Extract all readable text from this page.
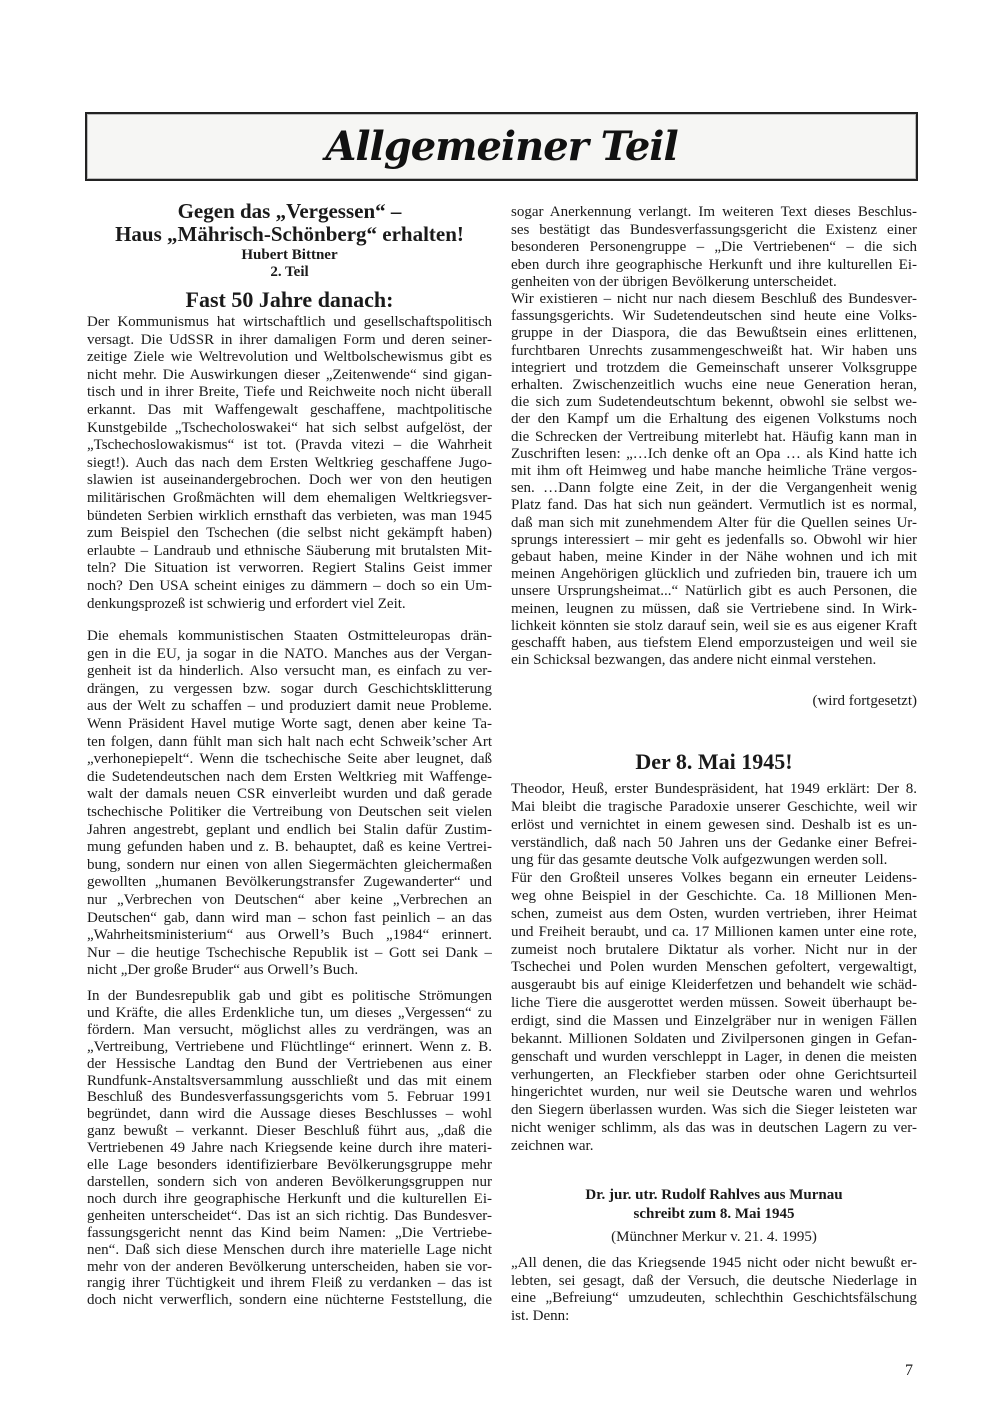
Allgemeiner Teil
Gegen das „Vergessen“ –
Haus „Mährisch-Schönberg“ erhalten!
Hubert Bittner
2. Teil
Fast 50 Jahre danach:
Der Kommunismus hat wirtschaftlich und gesellschaftspolitisch
versagt. Die UdSSR in ihrer damaligen Form und deren seiner-
zeitige Ziele wie Weltrevolution und Weltbolschewismus gibt es
nicht mehr. Die Auswirkungen dieser „Zeitenwende“ sind gigan-
tisch und in ihrer Breite, Tiefe und Reichweite noch nicht überall
erkannt. Das mit Waffengewalt geschaffene, machtpolitische
Kunstgebilde „Tschecholoswakei“ hat sich selbst aufgelöst, der
„Tschechoslowakismus“ ist tot. (Pravda vitezi – die Wahrheit
siegt!). Auch das nach dem Ersten Weltkrieg geschaffene Jugo-
slawien ist auseinandergebrochen. Doch wer von den heutigen
militärischen Großmächten will dem ehemaligen Weltkriegsver-
bündeten Serbien wirklich ernsthaft das verbieten, was man 1945
zum Beispiel den Tschechen (die selbst nicht gekämpft haben)
erlaubte – Landraub und ethnische Säuberung mit brutalsten Mit-
teln? Die Situation ist verworren. Regiert Stalins Geist immer
noch? Den USA scheint einiges zu dämmern – doch so ein Um-
denkungsprozeß ist schwierig und erfordert viel Zeit.
Die ehemals kommunistischen Staaten Ostmitteleuropas drän-
gen in die EU, ja sogar in die NATO. Manches aus der Vergan-
genheit ist da hinderlich. Also versucht man, es einfach zu ver-
drängen, zu vergessen bzw. sogar durch Geschichtsklitterung
aus der Welt zu schaffen – und produziert damit neue Probleme.
Wenn Präsident Havel mutige Worte sagt, denen aber keine Ta-
ten folgen, dann fühlt man sich halt nach echt Schweik’scher Art
„verhonepiepelt“. Wenn die tschechische Seite aber leugnet, daß
die Sudetendeutschen nach dem Ersten Weltkrieg mit Waffenge-
walt der damals neuen CSR einverleibt wurden und daß gerade
tschechische Politiker die Vertreibung von Deutschen seit vielen
Jahren angestrebt, geplant und endlich bei Stalin dafür Zustim-
mung gefunden haben und z. B. behauptet, daß es keine Vertrei-
bung, sondern nur einen von allen Siegermächten gleichermaßen
gewollten „humanen Bevölkerungstransfer Zugewanderter“ und
nur „Verbrechen von Deutschen“ aber keine „Verbrechen an
Deutschen“ gab, dann wird man – schon fast peinlich – an das
„Wahrheitsministerium“ aus Orwell’s Buch „1984“ erinnert.
Nur – die heutige Tschechische Republik ist – Gott sei Dank –
nicht „Der große Bruder“ aus Orwell’s Buch.
In der Bundesrepublik gab und gibt es politische Strömungen
und Kräfte, die alles Erdenkliche tun, um dieses „Vergessen“ zu
fördern. Man versucht, möglichst alles zu verdrängen, was an
„Vertreibung, Vertriebene und Flüchtlinge“ erinnert. Wenn z. B.
der Hessische Landtag den Bund der Vertriebenen aus einer
Rundfunk-Anstaltsversammlung ausschließt und das mit einem
Beschluß des Bundesverfassungsgerichts vom 5. Februar 1991
begründet, dann wird die Aussage dieses Beschlusses – wohl
ganz bewußt – verkannt. Dieser Beschluß führt aus, „daß die
Vertriebenen 49 Jahre nach Kriegsende keine durch ihre materi-
elle Lage besonders identifizierbare Bevölkerungsgruppe mehr
darstellen, sondern sich von anderen Bevölkerungsgruppen nur
noch durch ihre geographische Herkunft und die kulturellen Ei-
genheiten unterscheidet“. Das ist an sich richtig. Das Bundesver-
fassungsgericht nennt das Kind beim Namen: „Die Vertriebe-
nen“. Daß sich diese Menschen durch ihre materielle Lage nicht
mehr von der anderen Bevölkerung unterscheiden, haben sie vor-
rangig ihrer Tüchtigkeit und ihrem Fleiß zu verdanken – das ist
doch nicht verwerflich, sondern eine nüchterne Feststellung, die
sogar Anerkennung verlangt. Im weiteren Text dieses Beschlus-
ses bestätigt das Bundesverfassungsgericht die Existenz einer
besonderen Personengruppe – „Die Vertriebenen“ – die sich
eben durch ihre geographische Herkunft und ihre kulturellen Ei-
genheiten von der übrigen Bevölkerung unterscheidet.
Wir existieren – nicht nur nach diesem Beschluß des Bundesver-
fassungsgerichts. Wir Sudetendeutschen sind heute eine Volks-
gruppe in der Diaspora, die das Bewußtsein eines erlittenen,
furchtbaren Unrechts zusammengeschweißt hat. Wir haben uns
integriert und trotzdem die Gemeinschaft unserer Volksgruppe
erhalten. Zwischenzeitlich wuchs eine neue Generation heran,
die sich zum Sudetendeutschtum bekennt, obwohl sie selbst we-
der den Kampf um die Erhaltung des eigenen Volkstums noch
die Schrecken der Vertreibung miterlebt hat. Häufig kann man in
Zuschriften lesen: „…Ich denke oft an Opa … als Kind hatte ich
mit ihm oft Heimweg und habe manche heimliche Träne vergos-
sen. …Dann folgte eine Zeit, in der die Vergangenheit wenig
Platz fand. Das hat sich nun geändert. Vermutlich ist es normal,
daß man sich mit zunehmendem Alter für die Quellen seines Ur-
sprungs interessiert – mir geht es jedenfalls so. Obwohl wir hier
gebaut haben, meine Kinder in der Nähe wohnen und ich mit
meinen Angehörigen glücklich und zufrieden bin, trauere ich um
unsere Ursprungsheimat...“ Natürlich gibt es auch Personen, die
meinen, leugnen zu müssen, daß sie Vertriebene sind. In Wirk-
lichkeit könnten sie stolz darauf sein, weil sie es aus eigener Kraft
geschafft haben, aus tiefstem Elend emporzusteigen und weil sie
ein Schicksal bezwangen, das andere nicht einmal verstehen.
(wird fortgesetzt)
Der 8. Mai 1945!
Theodor, Heuß, erster Bundespräsident, hat 1949 erklärt: Der 8.
Mai bleibt die tragische Paradoxie unserer Geschichte, weil wir
erlöst und vernichtet in einem gewesen sind. Deshalb ist es un-
verständlich, daß nach 50 Jahren uns der Gedanke einer Befrei-
ung für das gesamte deutsche Volk aufgezwungen werden soll.
Für den Großteil unseres Volkes begann ein erneuter Leidens-
weg ohne Beispiel in der Geschichte. Ca. 18 Millionen Men-
schen, zumeist aus dem Osten, wurden vertrieben, ihrer Heimat
und Freiheit beraubt, und ca. 17 Millionen kamen unter eine rote,
zumeist noch brutalere Diktatur als vorher. Nicht nur in der
Tschechei und Polen wurden Menschen gefoltert, vergewaltigt,
ausgeraubt bis auf einige Kleiderfetzen und behandelt wie schäd-
liche Tiere die ausgerottet werden müssen. Soweit überhaupt be-
erdigt, sind die Massen und Einzelgräber nur in wenigen Fällen
bekannt. Millionen Soldaten und Zivilpersonen gingen in Gefan-
genschaft und wurden verschleppt in Lager, in denen die meisten
verhungerten, an Fleckfieber starben oder ohne Gerichtsurteil
hingerichtet wurden, nur weil sie Deutsche waren und wehrlos
den Siegern überlassen wurden. Was sich die Sieger leisteten war
nicht weniger schlimm, als das was in deutschen Lagern zu ver-
zeichnen war.
Dr. jur. utr. Rudolf Rahlves aus Murnau
schreibt zum 8. Mai 1945
(Münchner Merkur v. 21. 4. 1995)
„All denen, die das Kriegsende 1945 nicht oder nicht bewußt er-
lebten, sei gesagt, daß der Versuch, die deutsche Niederlage in
eine „Befreiung“ umzudeuten, schlechthin Geschichtsfälschung
ist. Denn:
7
